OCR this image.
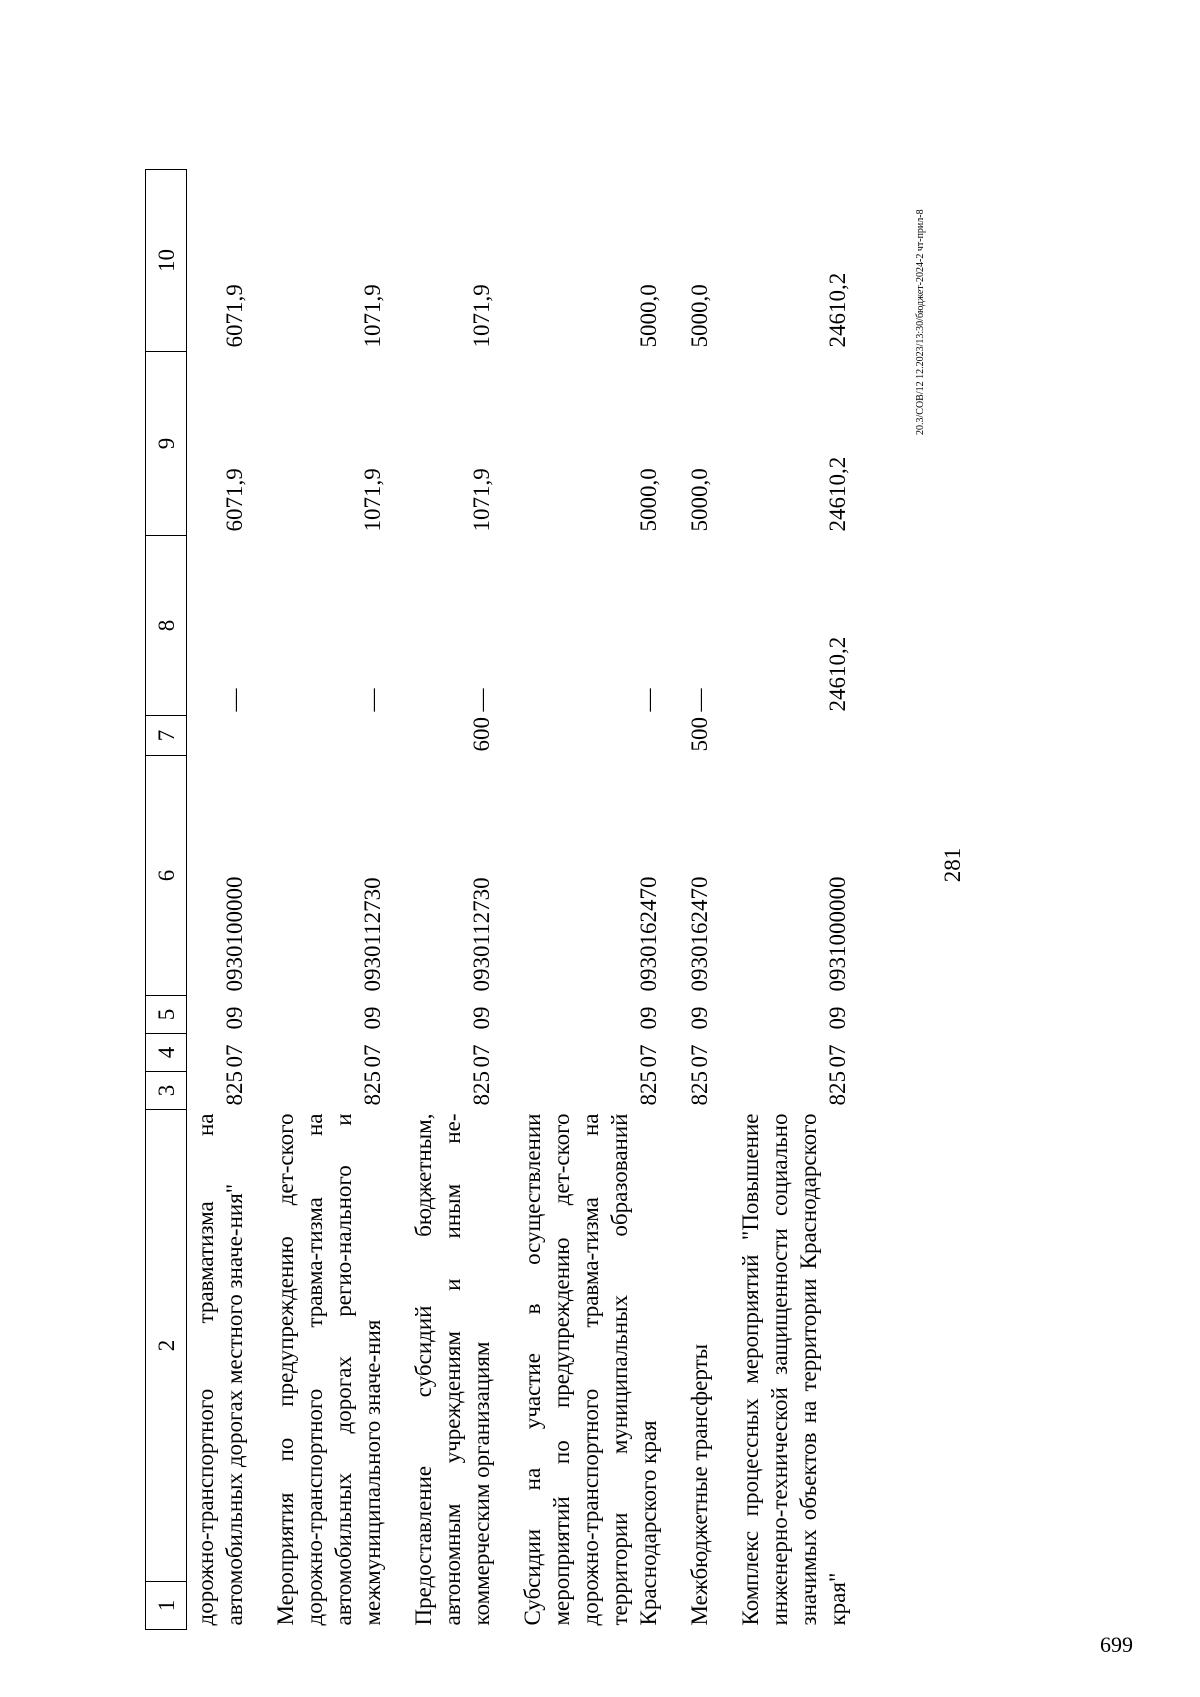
1	2	3	4	5	6	7	8	9	10
дорожно-транспортного травматизма на автомобильных дорогах местного значе-ния"		825	07	09	0930100000		—	6071,9	6071,9
Мероприятия по предупреждению дет-ского дорожно-транспортного травма-тизма на автомобильных дорогах регио-нального и межмуниципального значе-ния		825	07	09	0930112730		—	1071,9	1071,9
Предоставление субсидий бюджетным, автономным учреждениям и иным не-коммерческим организациям		825	07	09	0930112730	600	—	1071,9	1071,9
Субсидии на участие в осуществлении мероприятий по предупреждению дет-ского дорожно-транспортного травма-тизма на территории муниципальных образований Краснодарского края		825	07	09	0930162470		—	5000,0	5000,0
Межбюджетные трансферты		825	07	09	0930162470	500	—	5000,0	5000,0
Комплекс процессных мероприятий "Повышение инженерно-технической защищенности социально значимых объектов на территории Краснодарского края"		825	07	09	0931000000		24610,2	24610,2	24610,2
281
20.3/СОВ/12 12.2023/13:30/бюджет-2024-2 чт-прил-8
699
